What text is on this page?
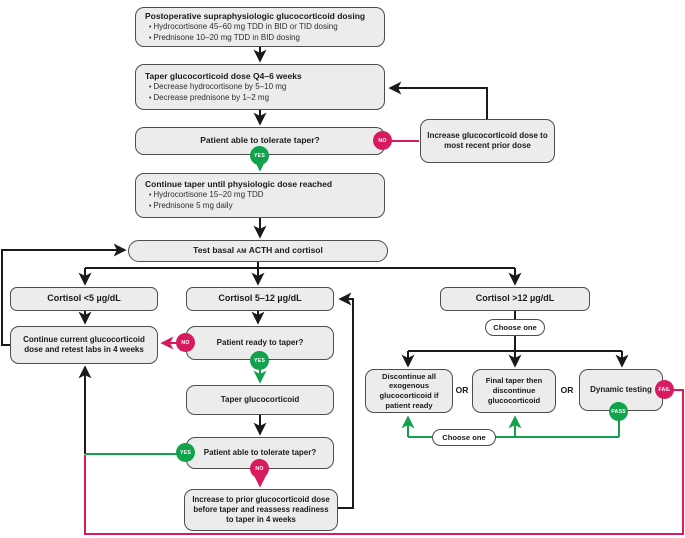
Postoperative supraphysiologic glucocorticoid dosing
• Hydrocortisone 45–60 mg TDD in BID or TID dosing
• Prednisone 10–20 mg TDD in BID dosing
Taper glucocorticoid dose Q4–6 weeks
• Decrease hydrocortisone by 5–10 mg
• Decrease prednisone by 1–2 mg
Patient able to tolerate taper?
Increase glucocorticoid dose to most recent prior dose
Continue taper until physiologic dose reached
• Hydrocortisone 15–20 mg TDD
• Prednisone 5 mg daily
Test basal AM ACTH and cortisol
Cortisol <5 µg/dL	Cortisol 5–12 µg/dL	Cortisol >12 µg/dL
Continue current glucocorticoid dose and retest labs in 4 weeks
Patient ready to taper?
Taper glucocorticoid
Patient able to tolerate taper?
Increase to prior glucocorticoid dose before taper and reassess readiness to taper in 4 weeks
Choose one
Discontinue all exogenous glucocorticoid if patient ready
OR
Final taper then discontinue glucocorticoid
OR Dynamic testing
Choose one
YES
NO
NO
YES
YES
NO
FAIL
PASS
